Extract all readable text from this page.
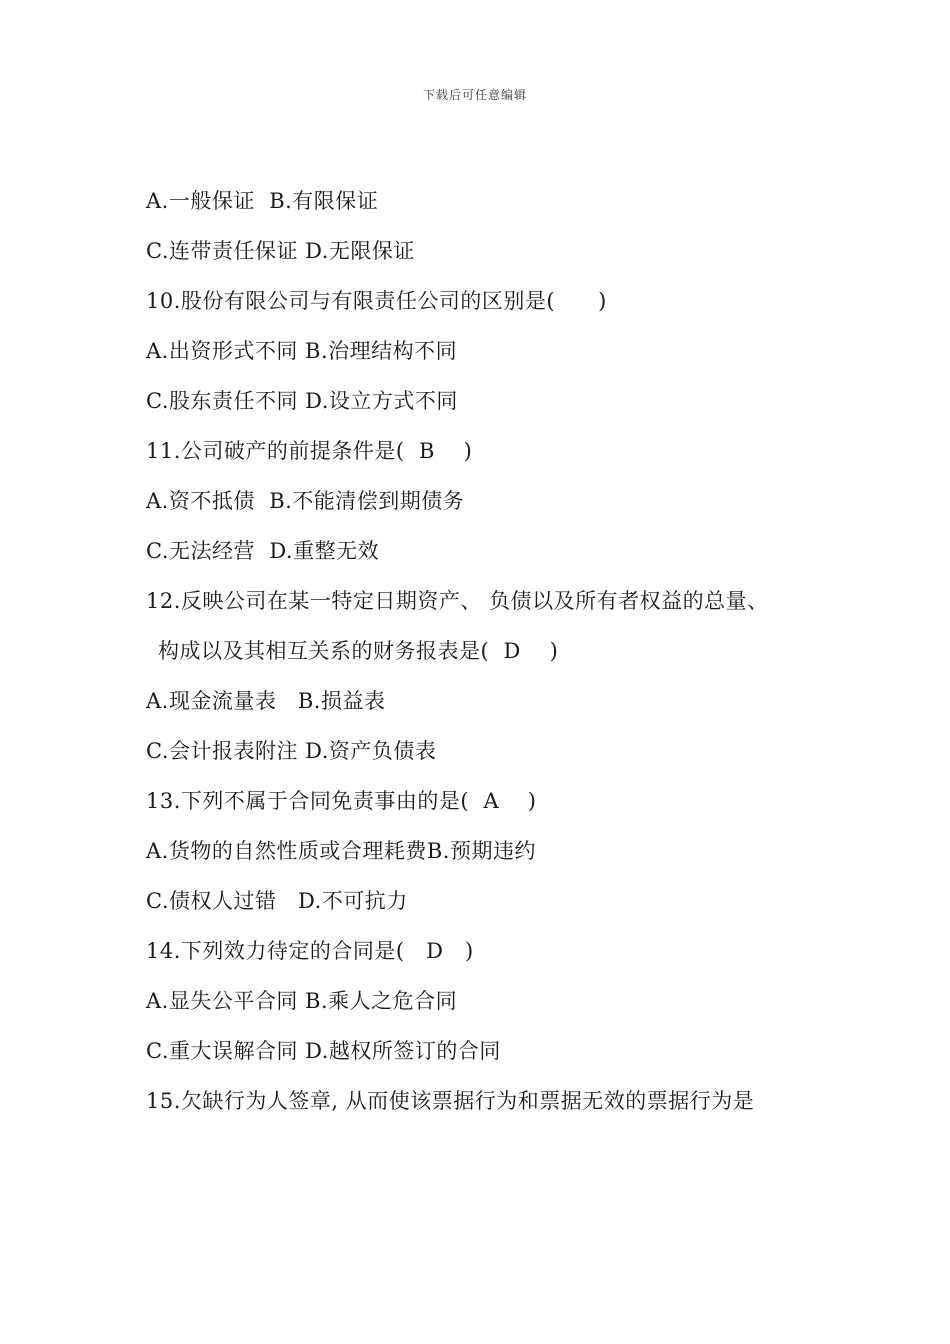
下载后可任意编辑
A.一般保证  B.有限保证
C.连带责任保证 D.无限保证
10.股份有限公司与有限责任公司的区别是(      )
A.出资形式不同 B.治理结构不同
C.股东责任不同 D.设立方式不同
11.公司破产的前提条件是(  B    )
A.资不抵债  B.不能清偿到期债务
C.无法经营  D.重整无效
12.反映公司在某一特定日期资产、 负债以及所有者权益的总量、
构成以及其相互关系的财务报表是(  D    )
A.现金流量表   B.损益表
C.会计报表附注 D.资产负债表
13.下列不属于合同免责事由的是(  A    )
A.货物的自然性质或合理耗费B.预期违约
C.债权人过错   D.不可抗力
14.下列效力待定的合同是(   D   )
A.显失公平合同 B.乘人之危合同
C.重大误解合同 D.越权所签订的合同
15.欠缺行为人签章, 从而使该票据行为和票据无效的票据行为是
